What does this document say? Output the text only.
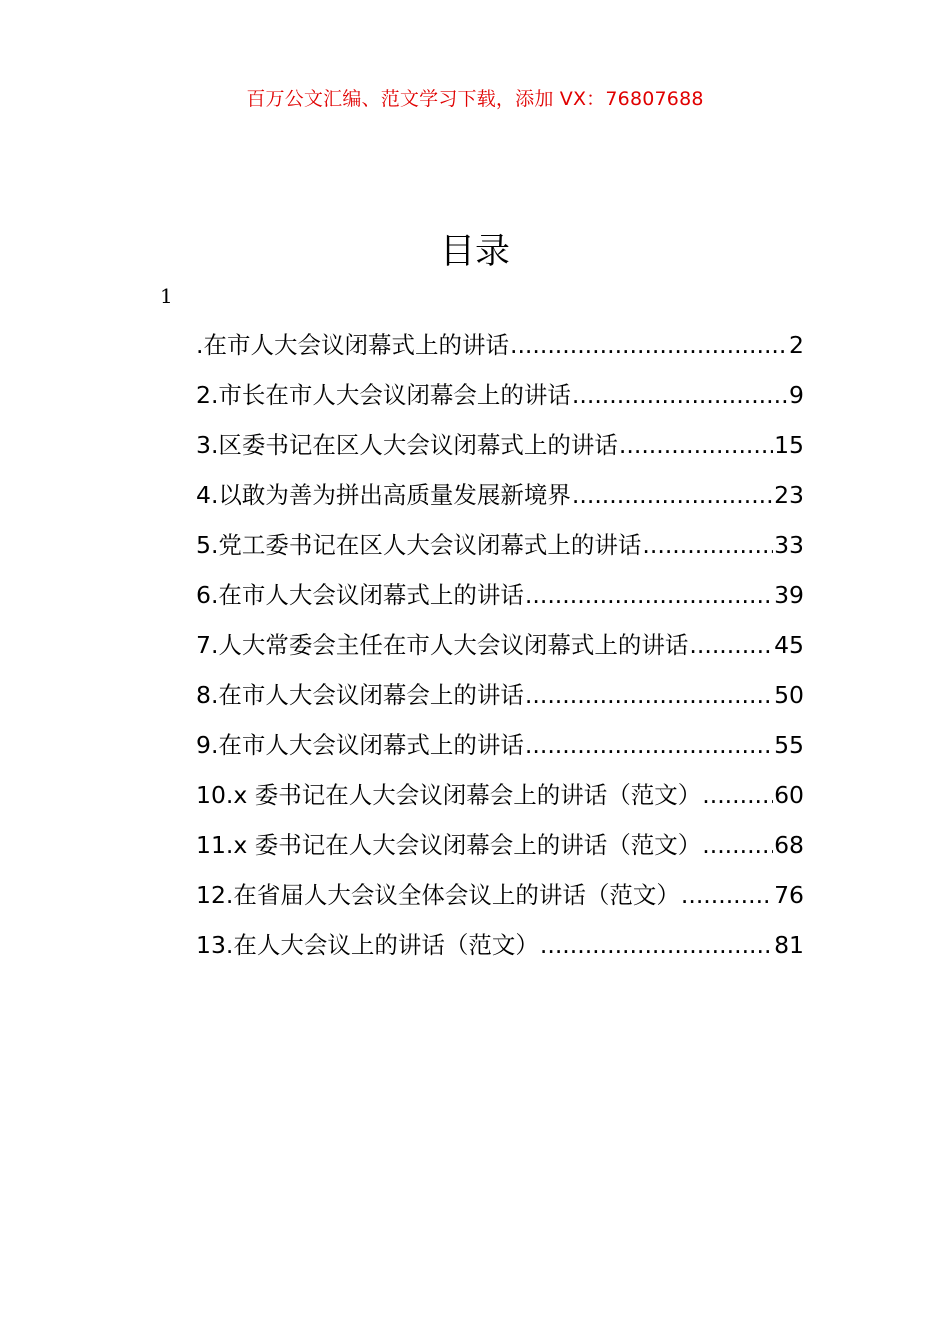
百万公文汇编、范文学习下载，添加 VX：76807688
目录
1
.在市人大会议闭幕式上的讲话 .....	2
2.市长在市人大会议闭幕会上的讲话 .....	9
3.区委书记在区人大会议闭幕式上的讲话 .....	15
4.以敢为善为拼出高质量发展新境界 .....	23
5.党工委书记在区人大会议闭幕式上的讲话 .....	33
6.在市人大会议闭幕式上的讲话 .....	39
7.人大常委会主任在市人大会议闭幕式上的讲话 .....	45
8.在市人大会议闭幕会上的讲话 .....	50
9.在市人大会议闭幕式上的讲话 .....	55
10.x 委书记在人大会议闭幕会上的讲话（范文） .....	60
11.x 委书记在人大会议闭幕会上的讲话（范文） .....	68
12.在省届人大会议全体会议上的讲话（范文） .....	76
13.在人大会议上的讲话（范文） .....	81
